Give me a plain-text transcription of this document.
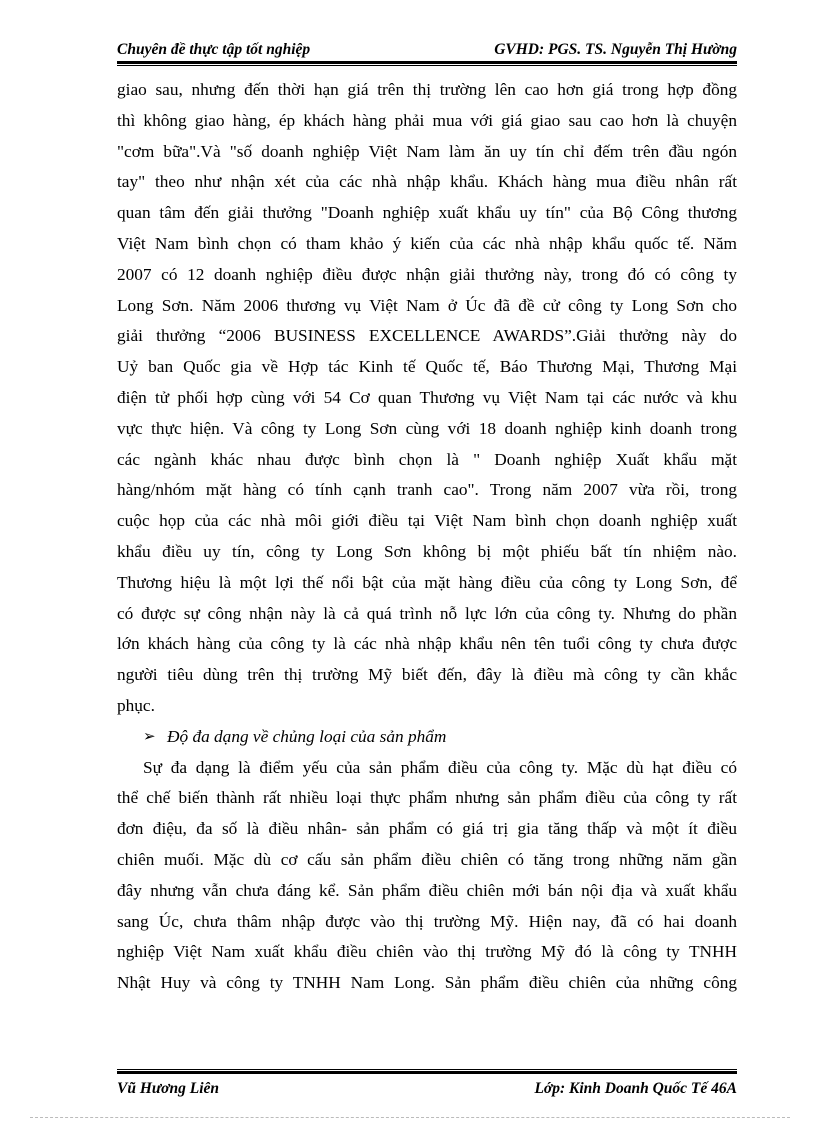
Chuyên đề thực tập tốt nghiệp	GVHD: PGS. TS. Nguyễn Thị Hường
giao sau, nhưng đến thời hạn giá trên thị trường lên cao hơn giá trong hợp đồng
thì không giao hàng, ép khách hàng phải mua với giá giao sau cao hơn là chuyện
"cơm bữa".Và "số doanh nghiệp Việt Nam làm ăn uy tín chỉ đếm trên đầu ngón
tay" theo như nhận xét của các nhà nhập khẩu. Khách hàng mua điều nhân rất
quan tâm đến giải thưởng "Doanh nghiệp xuất khẩu uy tín" của Bộ Công thương
Việt Nam bình chọn có tham khảo ý kiến của các nhà nhập khẩu quốc tế. Năm
2007 có 12 doanh nghiệp điều được nhận giải thưởng này, trong đó có công ty
Long Sơn. Năm 2006 thương vụ Việt Nam ở Úc đã đề cử công ty Long Sơn cho
giải thưởng “2006 BUSINESS EXCELLENCE AWARDS”.Giải thưởng này do
Uỷ ban Quốc gia về Hợp tác Kinh tế Quốc tế, Báo Thương Mại, Thương Mại
điện tử phối hợp cùng với 54 Cơ quan Thương vụ Việt Nam tại các nước và khu
vực thực hiện. Và công ty Long Sơn cùng với 18 doanh nghiệp kinh doanh trong
các ngành khác nhau được bình chọn là " Doanh nghiệp Xuất khẩu mặt
hàng/nhóm mặt hàng có tính cạnh tranh cao". Trong năm 2007 vừa rồi, trong
cuộc họp của các nhà môi giới điều tại Việt Nam bình chọn doanh nghiệp xuất
khẩu điều uy tín, công ty Long Sơn không bị một phiếu bất tín nhiệm nào.
Thương hiệu là một lợi thế nổi bật của mặt hàng điều của công ty Long Sơn, để
có được sự công nhận này là cả quá trình nỗ lực lớn của công ty. Nhưng do phần
lớn khách hàng của công ty là các nhà nhập khẩu nên tên tuổi công ty chưa được
người tiêu dùng trên thị trường Mỹ biết đến, đây là điều mà công ty cần khắc
phục.
➢ Độ đa dạng về chủng loại của sản phẩm
Sự đa dạng là điểm yếu của sản phẩm điều của công ty. Mặc dù hạt điều có
thể chế biến thành rất nhiều loại thực phẩm nhưng sản phẩm điều của công ty rất
đơn điệu, đa số là điều nhân- sản phẩm có giá trị gia tăng thấp và một ít điều
chiên muối. Mặc dù cơ cấu sản phẩm điều chiên có tăng trong những năm gần
đây nhưng vẫn chưa đáng kể. Sản phẩm điều chiên mới bán nội địa và xuất khẩu
sang Úc, chưa thâm nhập được vào thị trường Mỹ. Hiện nay, đã có hai doanh
nghiệp Việt Nam xuất khẩu điều chiên vào thị trường Mỹ đó là công ty TNHH
Nhật Huy và công ty TNHH Nam Long. Sản phẩm điều chiên của những công
Vũ Hương Liên	Lớp: Kinh Doanh Quốc Tế 46A
